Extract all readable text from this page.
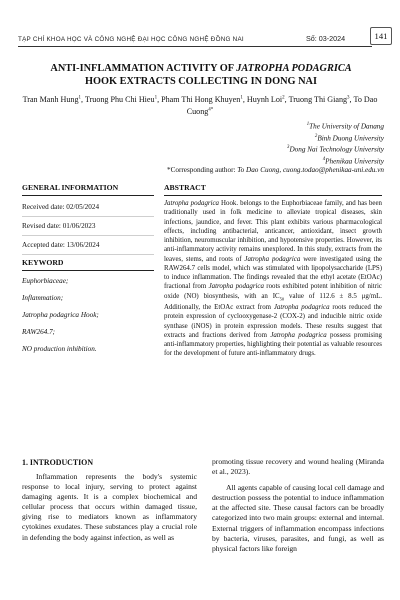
TẠP CHÍ KHOA HỌC VÀ CÔNG NGHỆ ĐẠI HỌC CÔNG NGHỆ ĐỒNG NAI	Số: 03-2024	141
ANTI-INFLAMMATION ACTIVITY OF JATROPHA PODAGRICA
HOOK EXTRACTS COLLECTING IN DONG NAI
Tran Manh Hung$^1$, Truong Phu Chi Hieu$^1$, Pham Thi Hong Khuyen$^1$, Huynh Loi$^2$, Truong Thi Giang$^3$, To Dao Cuong$^{4*}$
$^1$The University of Danang
$^2$Binh Duong University
$^3$Dong Nai Technology University
$^4$Phenikaa University
*Corresponding author: To Dao Cuong, cuong.todao@phenikaa-uni.edu.vn
GENERAL INFORMATION	ABSTRACT
Received date: 02/05/2024
Revised date: 01/06/2023
Accepted date: 13/06/2024
KEYWORD
Euphorbiaceae;
Inflammation;
Jatropha podagrica Hook;
RAW264.7;
NO production inhibition.
Jatropha podagrica Hook. belongs to the Euphorbiaceae family, and has been traditionally used in folk medicine to alleviate tropical diseases, skin infections, jaundice, and fever. This plant exhibits various pharmacological effects, including antibacterial, anticancer, antioxidant, insect growth inhibition, neuromuscular inhibition, and hypotensive properties. However, its anti-inflammatory activity remains unexplored. In this study, extracts from the leaves, stems, and roots of Jatropha podagrica were investigated using the RAW264.7 cells model, which was stimulated with lipopolysaccharide (LPS) to induce inflammation. The findings revealed that the ethyl acetate (EtOAc) fractional from Jatropha podagrica roots exhibited potent inhibition of nitric oxide (NO) biosynthesis, with an $IC_{50}$ value of 112.6 ± 8.5 μg/mL. Additionally, the EtOAc extract from Jatropha podagrica roots reduced the protein expression of cyclooxygenase-2 (COX-2) and inducible nitric oxide synthase (iNOS) in protein expression models. These results suggest that extracts and fractions derived from Jatropha podagrica possess promising anti-inflammatory properties, highlighting their potential as valuable resources for the development of future anti-inflammatory drugs.
1. INTRODUCTION
Inflammation represents the body's systemic response to local injury, serving to protect against damaging agents. It is a complex biochemical and cellular process that occurs within damaged tissue, giving rise to mediators known as inflammatory cytokines exudates. These substances play a crucial role in defending the body against infection, as well as

promoting tissue recovery and wound healing (Miranda et al., 2023).

All agents capable of causing local cell damage and destruction possess the potential to induce inflammation at the affected site. These causal factors can be broadly categorized into two main groups: external and internal. External triggers of inflammation encompass infections by bacteria, viruses, parasites, and fungi, as well as physical factors like foreign
